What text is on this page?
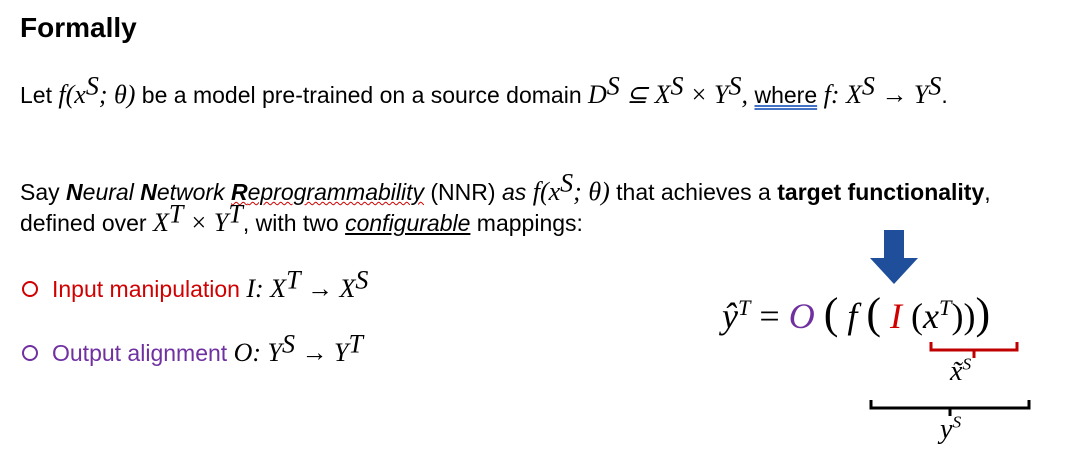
Formally
Let $f(x^S$; θ) be a model pre-trained on a source domain $D^S$ ⊆ $X^S \times Y^S$, where f: $X^S \to Y^S$.
Say Neural Network Reprogrammability (NNR) as $f(x^S$; θ) that achieves a target functionality,
defined over $X^T \times Y^T$, with two configurable mappings:
Input manipulation I: $X^T \to X^S$
Output alignment O: $Y^S \to Y^T$
$ŷ^T = O$ ( f ( I $(x^T)$))
x̃$^S$
$y^S$
